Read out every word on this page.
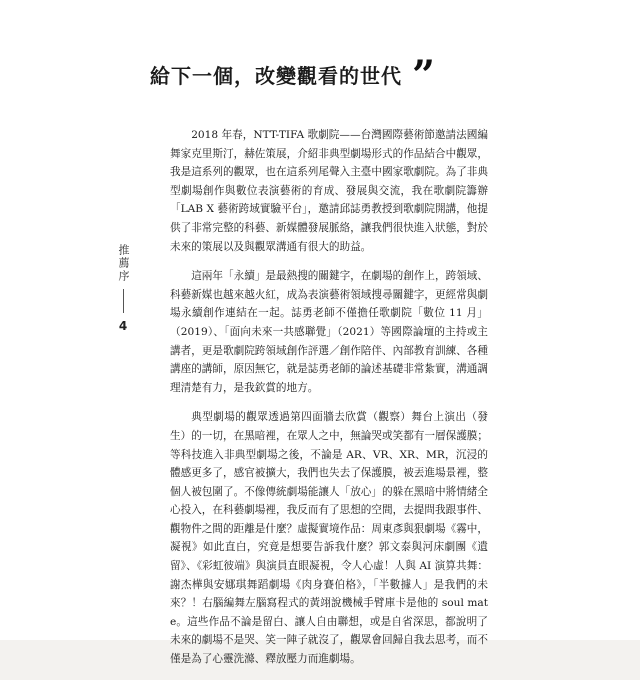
給下一個，改變觀看的世代 ”
推薦序
4

2018 年春，NTT-TIFA 歌劇院——台灣國際藝術節邀請法國編舞家克里斯汀，赫佐策展，介紹非典型劇場形式的作品結合中觀眾，我是這系列的觀眾，也在這系列尾聲入主臺中國家歌劇院。為了非典型劇場創作與數位表演藝術的育成、發展與交流，我在歌劇院籌辦「LAB X 藝術跨域實驗平台」，邀請邱誌勇教授到歌劇院開講，他提供了非常完整的科藝、新媒體發展脈絡，讓我們很快進入狀態，對於未來的策展以及與觀眾溝通有很大的助益。

這兩年「永續」是最熱搜的關鍵字，在劇場的創作上，跨領域、科藝新媒也越來越火紅，成為表演藝術領域搜尋關鍵字，更經常與劇場永續創作連結在一起。誌勇老師不僅擔任歌劇院「數位 11 月」（2019）、「面向未來一共感聯覺」（2021）等國際論壇的主持或主講者，更是歌劇院跨領域創作評選／創作陪伴、內部教育訓練、各種講座的講師，原因無它，就是誌勇老師的論述基礎非常紮實，溝通調理清楚有力，是我欽賞的地方。

典型劇場的觀眾透過第四面牆去欣賞（觀察）舞台上演出（發生）的一切，在黑暗裡，在眾人之中，無論哭或笑都有一層保護膜；等科技進入非典型劇場之後，不論是 AR、VR、XR、MR，沉浸的體感更多了，感官被擴大，我們也失去了保護膜，被丟進場景裡，整個人被包圍了。不像傳統劇場能讓人「放心」的躲在黑暗中將情緒全心投入，在科藝劇場裡，我反而有了思想的空間，去提問我跟事件、觀物件之間的距離是什麼？虛擬實境作品：周東彥與狠劇場《霧中，凝視》如此直白，究竟是想要告訴我什麼？郭文泰與河床劇團《遺留》、《彩虹彼端》與演員直眼凝視，令人心虛！人與 AI 演算共舞：謝杰樺與安娜琪舞蹈劇場《肉身賽伯格》，「半數據人」是我們的未來？！右腦編舞左腦寫程式的黃翊說機械手臂庫卡是他的 soul mate。這些作品不論是留白、讓人自由聯想，或是自省深思，都說明了未來的劇場不是哭、笑一陣子就沒了，觀眾會回歸自我去思考，而不僅是為了心靈洗滌、釋放壓力而進劇場。
